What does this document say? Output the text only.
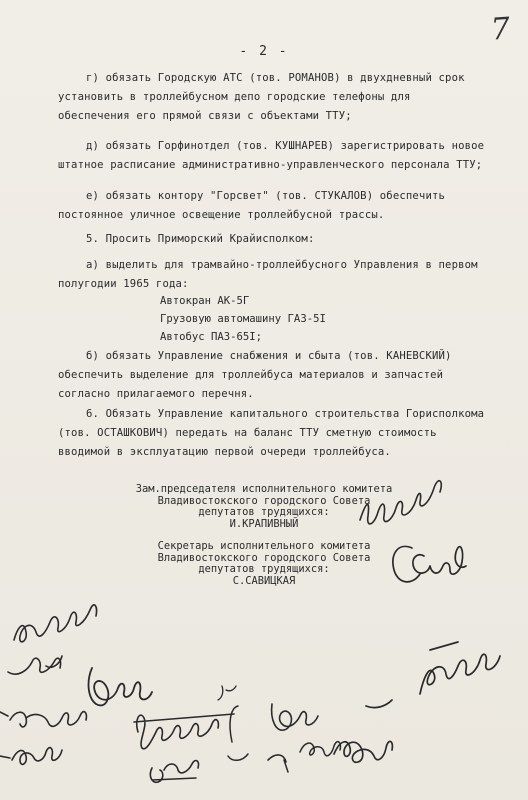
- 2 -
7

г) обязать Городскую АТС (тов. РОМАНОВ) в двухдневный срок установить в троллейбусном депо городские телефоны для обеспечения его прямой связи с объектами ТТУ;

д) обязать Горфинотдел (тов. КУШНАРЕВ) зарегистрировать новое штатное расписание административно-управленческого персонала ТТУ;

е) обязать контору "Горсвет" (тов. СТУКАЛОВ) обеспечить постоянное уличное освещение троллейбусной трассы.

5. Просить Приморский Крайисполком:

а) выделить для трамвайно-троллейбусного Управления в первом полугодии 1965 года:

Автокран АК-5Г
Грузовую автомашину ГАЗ-5I
Автобус ПАЗ-65I;

б) обязать Управление снабжения и сбыта (тов. КАНЕВСКИЙ) обеспечить выделение для троллейбуса материалов и запчастей согласно прилагаемого перечня.

6. Обязать Управление капитального строительства Горисполкома (тов. ОСТАШКОВИЧ) передать на баланс ТТУ сметную стоимость вводимой в эксплуатацию первой очереди троллейбуса.

Зам.председателя исполнительного комитета
Владивостокского городского Совета
депутатов трудящихся:
И.КРАПИВНЫЙ
Секретарь исполнительного комитета
Владивостокского городского Совета
депутатов трудящихся:
С.САВИЦКАЯ
